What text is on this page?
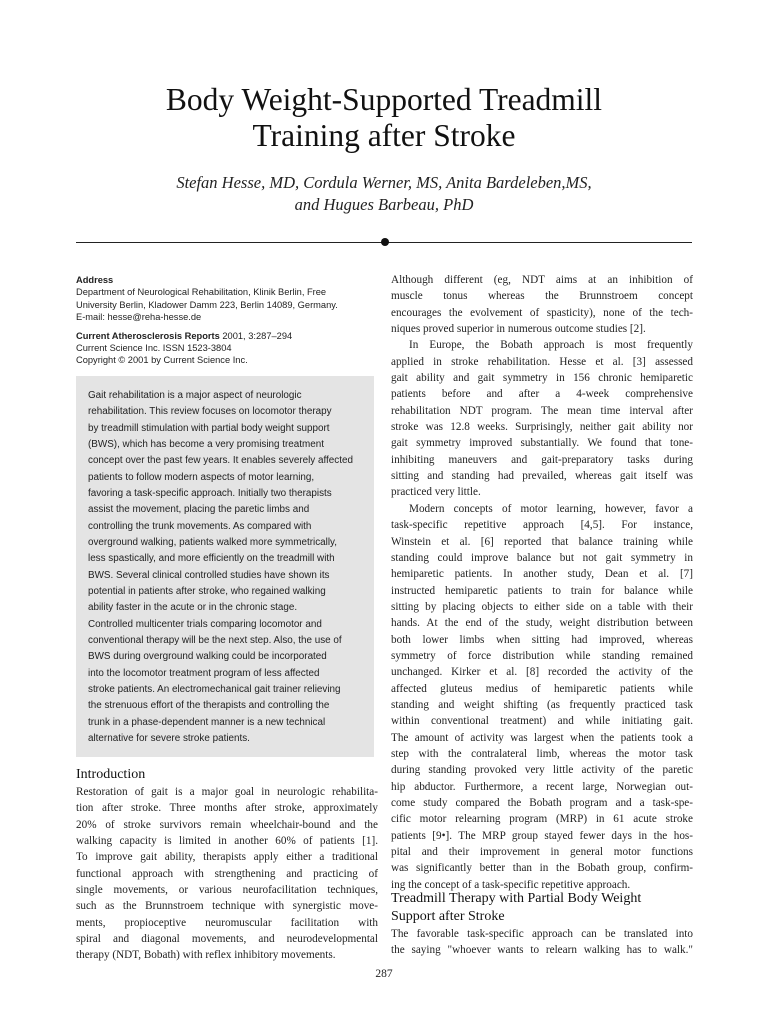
Body Weight-Supported Treadmill
Training after Stroke
Stefan Hesse, MD, Cordula Werner, MS, Anita Bardeleben,MS,
and Hugues Barbeau, PhD
Address
Department of Neurological Rehabilitation, Klinik Berlin, Free
University Berlin, Kladower Damm 223, Berlin 14089, Germany.
E-mail: hesse@reha-hesse.de
Current Atherosclerosis Reports 2001, 3:287–294
Current Science Inc. ISSN 1523-3804
Copyright © 2001 by Current Science Inc.
Gait rehabilitation is a major aspect of neurologic
rehabilitation. This review focuses on locomotor therapy
by treadmill stimulation with partial body weight support
(BWS), which has become a very promising treatment
concept over the past few years. It enables severely affected
patients to follow modern aspects of motor learning,
favoring a task-specific approach. Initially two therapists
assist the movement, placing the paretic limbs and
controlling the trunk movements. As compared with
overground walking, patients walked more symmetrically,
less spastically, and more efficiently on the treadmill with
BWS. Several clinical controlled studies have shown its
potential in patients after stroke, who regained walking
ability faster in the acute or in the chronic stage.
Controlled multicenter trials comparing locomotor and
conventional therapy will be the next step. Also, the use of
BWS during overground walking could be incorporated
into the locomotor treatment program of less affected
stroke patients. An electromechanical gait trainer relieving
the strenuous effort of the therapists and controlling the
trunk in a phase-dependent manner is a new technical
alternative for severe stroke patients.
Introduction
Restoration of gait is a major goal in neurologic rehabilita-
tion after stroke. Three months after stroke, approximately
20% of stroke survivors remain wheelchair-bound and the
walking capacity is limited in another 60% of patients [1].
To improve gait ability, therapists apply either a traditional
functional approach with strengthening and practicing of
single movements, or various neurofacilitation techniques,
such as the Brunnstroem technique with synergistic move-
ments, propioceptive neuromuscular facilitation with
spiral and diagonal movements, and neurodevelopmental
therapy (NDT, Bobath) with reflex inhibitory movements.
Although different (eg, NDT aims at an inhibition of
muscle tonus whereas the Brunnstroem concept
encourages the evolvement of spasticity), none of the tech-
niques proved superior in numerous outcome studies [2].
In Europe, the Bobath approach is most frequently
applied in stroke rehabilitation. Hesse et al. [3] assessed
gait ability and gait symmetry in 156 chronic hemiparetic
patients before and after a 4-week comprehensive
rehabilitation NDT program. The mean time interval after
stroke was 12.8 weeks. Surprisingly, neither gait ability nor
gait symmetry improved substantially. We found that tone-
inhibiting maneuvers and gait-preparatory tasks during
sitting and standing had prevailed, whereas gait itself was
practiced very little.
Modern concepts of motor learning, however, favor a
task-specific repetitive approach [4,5]. For instance,
Winstein et al. [6] reported that balance training while
standing could improve balance but not gait symmetry in
hemiparetic patients. In another study, Dean et al. [7]
instructed hemiparetic patients to train for balance while
sitting by placing objects to either side on a table with their
hands. At the end of the study, weight distribution between
both lower limbs when sitting had improved, whereas
symmetry of force distribution while standing remained
unchanged. Kirker et al. [8] recorded the activity of the
affected gluteus medius of hemiparetic patients while
standing and weight shifting (as frequently practiced task
within conventional treatment) and while initiating gait.
The amount of activity was largest when the patients took a
step with the contralateral limb, whereas the motor task
during standing provoked very little activity of the paretic
hip abductor. Furthermore, a recent large, Norwegian out-
come study compared the Bobath program and a task-spe-
cific motor relearning program (MRP) in 61 acute stroke
patients [9•]. The MRP group stayed fewer days in the hos-
pital and their improvement in general motor functions
was significantly better than in the Bobath group, confirm-
ing the concept of a task-specific repetitive approach.
Treadmill Therapy with Partial Body Weight
Support after Stroke
The favorable task-specific approach can be translated into
the saying "whoever wants to relearn walking has to walk."
287
